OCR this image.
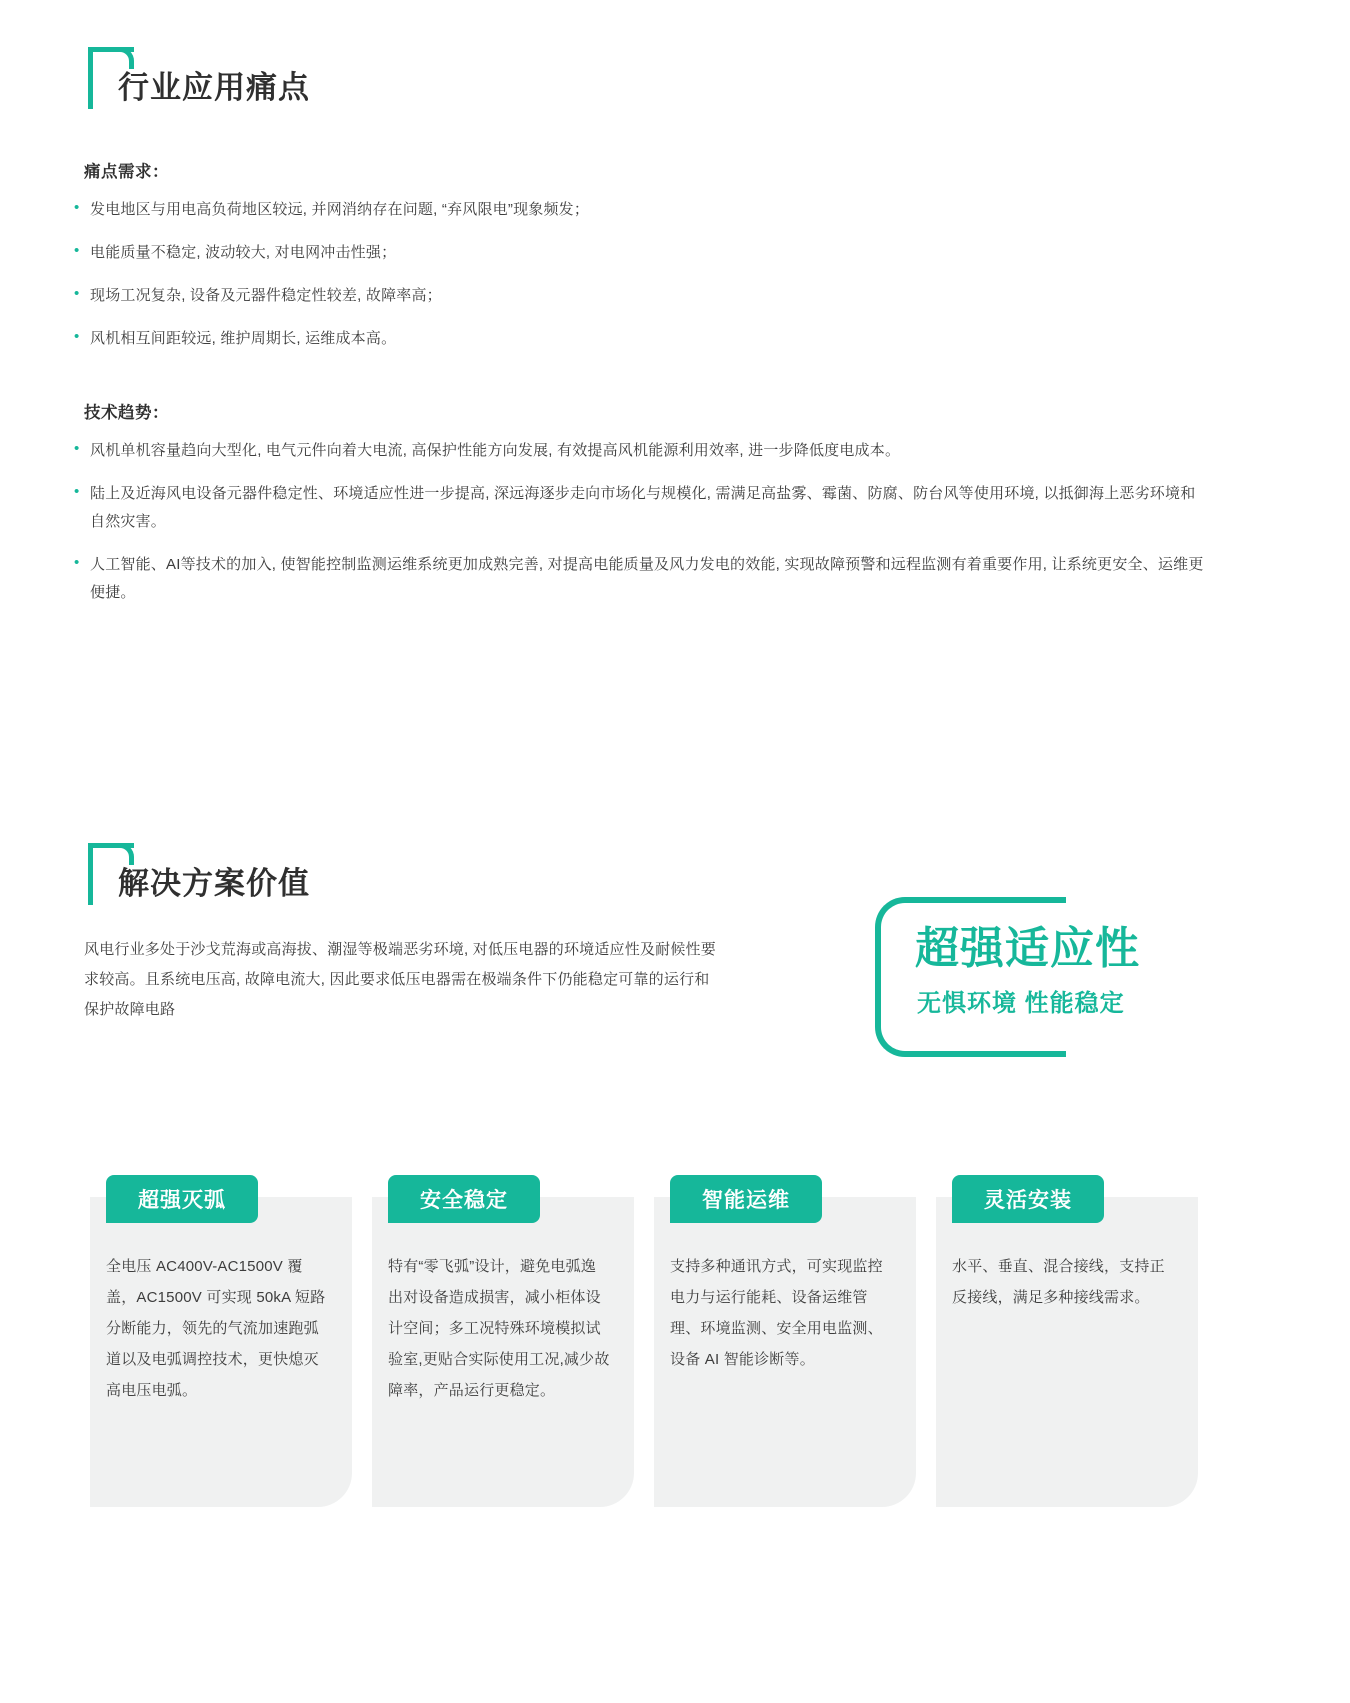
行业应用痛点
痛点需求：
• 发电地区与用电高负荷地区较远, 并网消纳存在问题, “弃风限电”现象频发；
• 电能质量不稳定, 波动较大, 对电网冲击性强；
• 现场工况复杂, 设备及元器件稳定性较差, 故障率高；
• 风机相互间距较远, 维护周期长, 运维成本高。
技术趋势：
• 风机单机容量趋向大型化, 电气元件向着大电流, 高保护性能方向发展, 有效提高风机能源利用效率, 进一步降低度电成本。
• 陆上及近海风电设备元器件稳定性、环境适应性进一步提高, 深远海逐步走向市场化与规模化, 需满足高盐雾、霉菌、防腐、防台风等使用环境, 以抵御海上恶劣环境和自然灾害。
• 人工智能、AI等技术的加入, 使智能控制监测运维系统更加成熟完善, 对提高电能质量及风力发电的效能, 实现故障预警和远程监测有着重要作用, 让系统更安全、运维更便捷。
解决方案价值
风电行业多处于沙戈荒海或高海拔、潮湿等极端恶劣环境, 对低压电器的环境适应性及耐候性要求较高。且系统电压高, 故障电流大, 因此要求低压电器需在极端条件下仍能稳定可靠的运行和保护故障电路
超强适应性
无惧环境 性能稳定
超强灭弧
全电压 AC400V-AC1500V 覆盖，AC1500V 可实现 50kA 短路分断能力，领先的气流加速跑弧道以及电弧调控技术，更快熄灭高电压电弧。
安全稳定
特有“零飞弧”设计，避免电弧逸出对设备造成损害，减小柜体设计空间；多工况特殊环境模拟试验室,更贴合实际使用工况,减少故障率，产品运行更稳定。
智能运维
支持多种通讯方式，可实现监控电力与运行能耗、设备运维管理、环境监测、安全用电监测、设备 AI 智能诊断等。
灵活安装
水平、垂直、混合接线，支持正反接线，满足多种接线需求。
